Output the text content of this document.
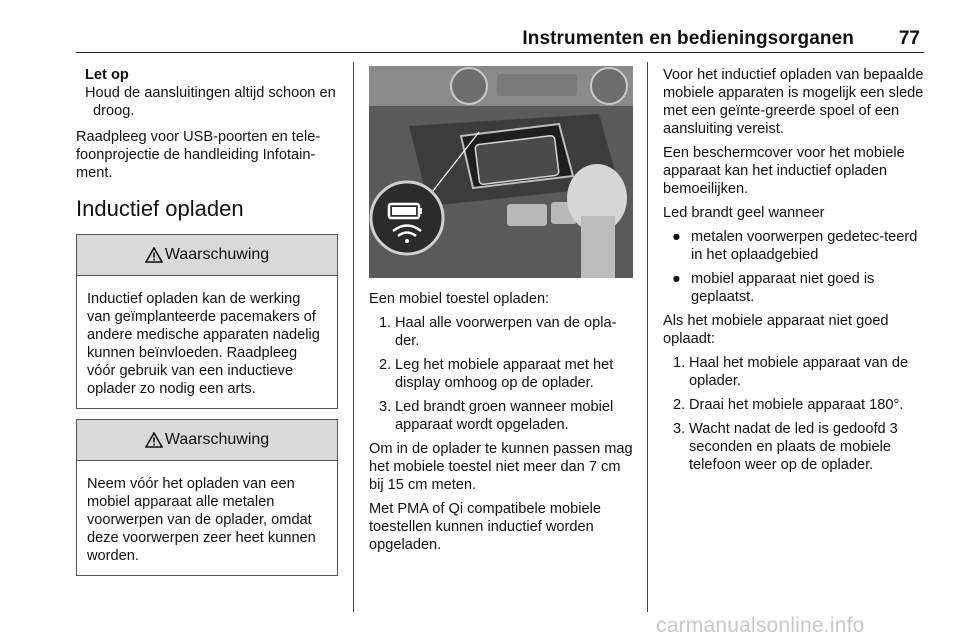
Instrumenten en bedieningsorganen 77
Let op
Houd de aansluitingen altijd schoon en droog.

Raadpleeg voor USB-poorten en tele-foonprojectie de handleiding Infotain-ment.

Inductief opladen
Waarschuwing
Inductief opladen kan de werking van geïmplanteerde pacemakers of andere medische apparaten nadelig kunnen beïnvloeden. Raadpleeg vóór gebruik van een inductieve oplader zo nodig een arts.
Waarschuwing
Neem vóór het opladen van een mobiel apparaat alle metalen voorwerpen van de oplader, omdat deze voorwerpen zeer heet kunnen worden.

Een mobiel toestel opladen:

1. Haal alle voorwerpen van de opla-der.
2. Leg het mobiele apparaat met het display omhoog op de oplader.
3. Led brandt groen wanneer mobiel apparaat wordt opgeladen.

Om in de oplader te kunnen passen mag het mobiele toestel niet meer dan 7 cm bij 15 cm meten.

Met PMA of Qi compatibele mobiele toestellen kunnen inductief worden opgeladen.

Voor het inductief opladen van bepaalde mobiele apparaten is mogelijk een slede met een geïnte-greerde spoel of een aansluiting vereist.

Een beschermcover voor het mobiele apparaat kan het inductief opladen bemoeilijken.

Led brandt geel wanneer

● metalen voorwerpen gedetec-teerd in het oplaadgebied
● mobiel apparaat niet goed is geplaatst.

Als het mobiele apparaat niet goed oplaadt:

1. Haal het mobiele apparaat van de oplader.
2. Draai het mobiele apparaat 180°.
3. Wacht nadat de led is gedoofd 3 seconden en plaats de mobiele telefoon weer op de oplader.
carmanualsonline.info
